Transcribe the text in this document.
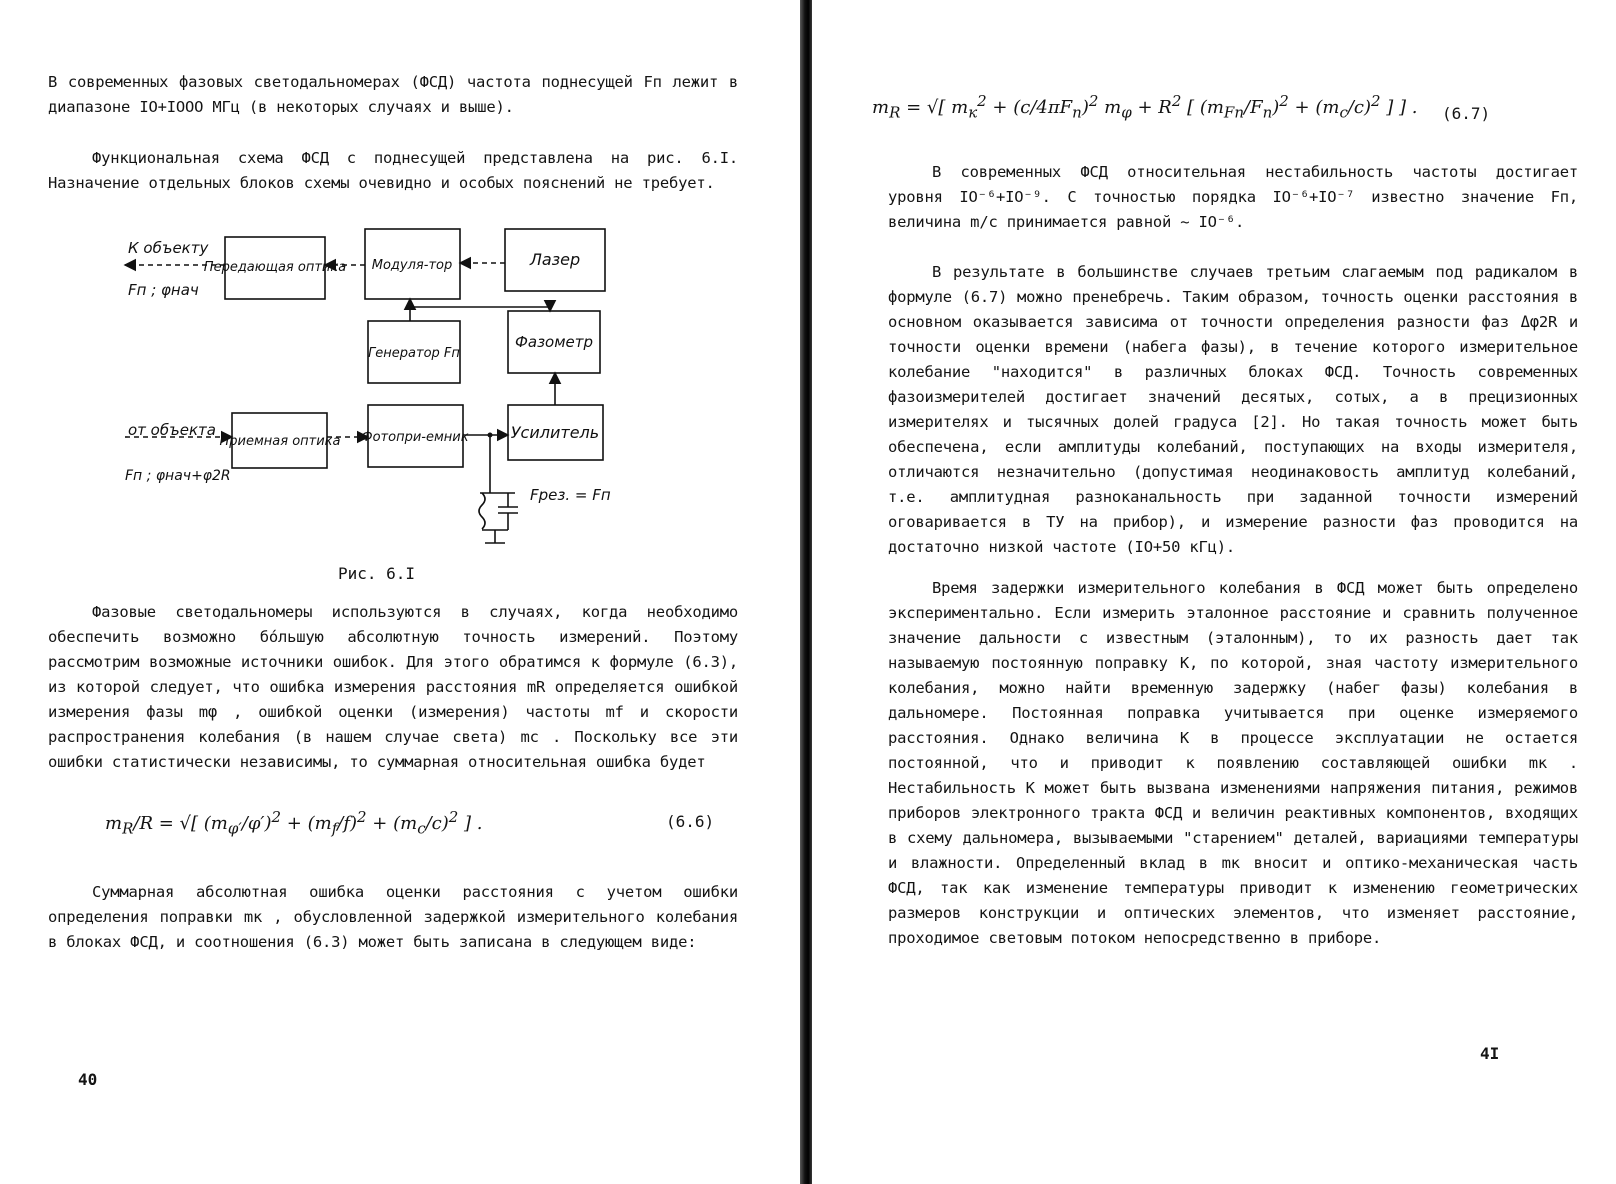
В современных фазовых светодальномерах (ФСД) частота поднесущей Fп лежит в диапазоне IO+IOOO МГц (в некоторых случаях и выше).

Функциональная схема ФСД с поднесущей представлена на рис. 6.I. Назначение отдельных блоков схемы очевидно и особых пояснений не требует.

К объекту
Fп ; φнач
Передающая оптика Модуля-тор	Лазер
Генератор Fп
Фазометр
от объекта
Fп ; φнач+φ2R
Приемная оптика Фотопри-емник	Усилитель
Fрез. = Fп
Рис. 6.I

Фазовые светодальномеры используются в случаях, когда необходимо обеспечить возможно бо́льшую абсолютную точность измерений. Поэтому рассмотрим возможные источники ошибок. Для этого обратимся к формуле (6.3), из которой следует, что ошибка измерения расстояния mR определяется ошибкой измерения фазы mφ , ошибкой оценки (измерения) частоты mf и скорости распространения колебания (в нашем случае света) mc . Поскольку все эти ошибки статистически независимы, то суммарная относительная ошибка будет

$m_R/R$ = √[ $(m_{\varphi'}/\varphi')^2 + (m_f/f)^2 + (m_c/c)^2$ ] .	(6.6)

Суммарная абсолютная ошибка оценки расстояния с учетом ошибки определения поправки mк , обусловленной задержкой измерительного колебания в блоках ФСД, и соотношения (6.3) может быть записана в следующем виде:

40
$m_R$ = √[ $m_к^2 + (c/4\pi F_п)^2$ $m_\varphi + R^2$ [ $(m_{Fп}/F_п)^2 + (m_c/c)^2$ ] ] . (6.7)

В современных ФСД относительная нестабильность частоты достигает уровня IO⁻⁶+IO⁻⁹. С точностью порядка IO⁻⁶+IO⁻⁷ известно значение Fп, величина m/c принимается равной ~ IO⁻⁶.

В результате в большинстве случаев третьим слагаемым под радикалом в формуле (6.7) можно пренебречь. Таким образом, точность оценки расстояния в основном оказывается зависима от точности определения разности фаз Δφ2R и точности оценки времени (набега фазы), в течение которого измерительное колебание "находится" в различных блоках ФСД. Точность современных фазоизмерителей достигает значений десятых, сотых, а в прецизионных измерителях и тысячных долей градуса [2]. Но такая точность может быть обеспечена, если амплитуды колебаний, поступающих на входы измерителя, отличаются незначительно (допустимая неодинаковость амплитуд колебаний, т.е. амплитудная разноканальность при заданной точности измерений оговаривается в ТУ на прибор), и измерение разности фаз проводится на достаточно низкой частоте (IO+50 кГц).

Время задержки измерительного колебания в ФСД может быть определено экспериментально. Если измерить эталонное расстояние и сравнить полученное значение дальности с известным (эталонным), то их разность дает так называемую постоянную поправку К, по которой, зная частоту измерительного колебания, можно найти временную задержку (набег фазы) колебания в дальномере. Постоянная поправка учитывается при оценке измеряемого расстояния. Однако величина К в процессе эксплуатации не остается постоянной, что и приводит к появлению составляющей ошибки mк . Нестабильность К может быть вызвана изменениями напряжения питания, режимов приборов электронного тракта ФСД и величин реактивных компонентов, входящих в схему дальномера, вызываемыми "старением" деталей, вариациями температуры и влажности. Определенный вклад в mк вносит и оптико-механическая часть ФСД, так как изменение температуры приводит к изменению геометрических размеров конструкции и оптических элементов, что изменяет расстояние, проходимое световым потоком непосредственно в приборе.

4I
